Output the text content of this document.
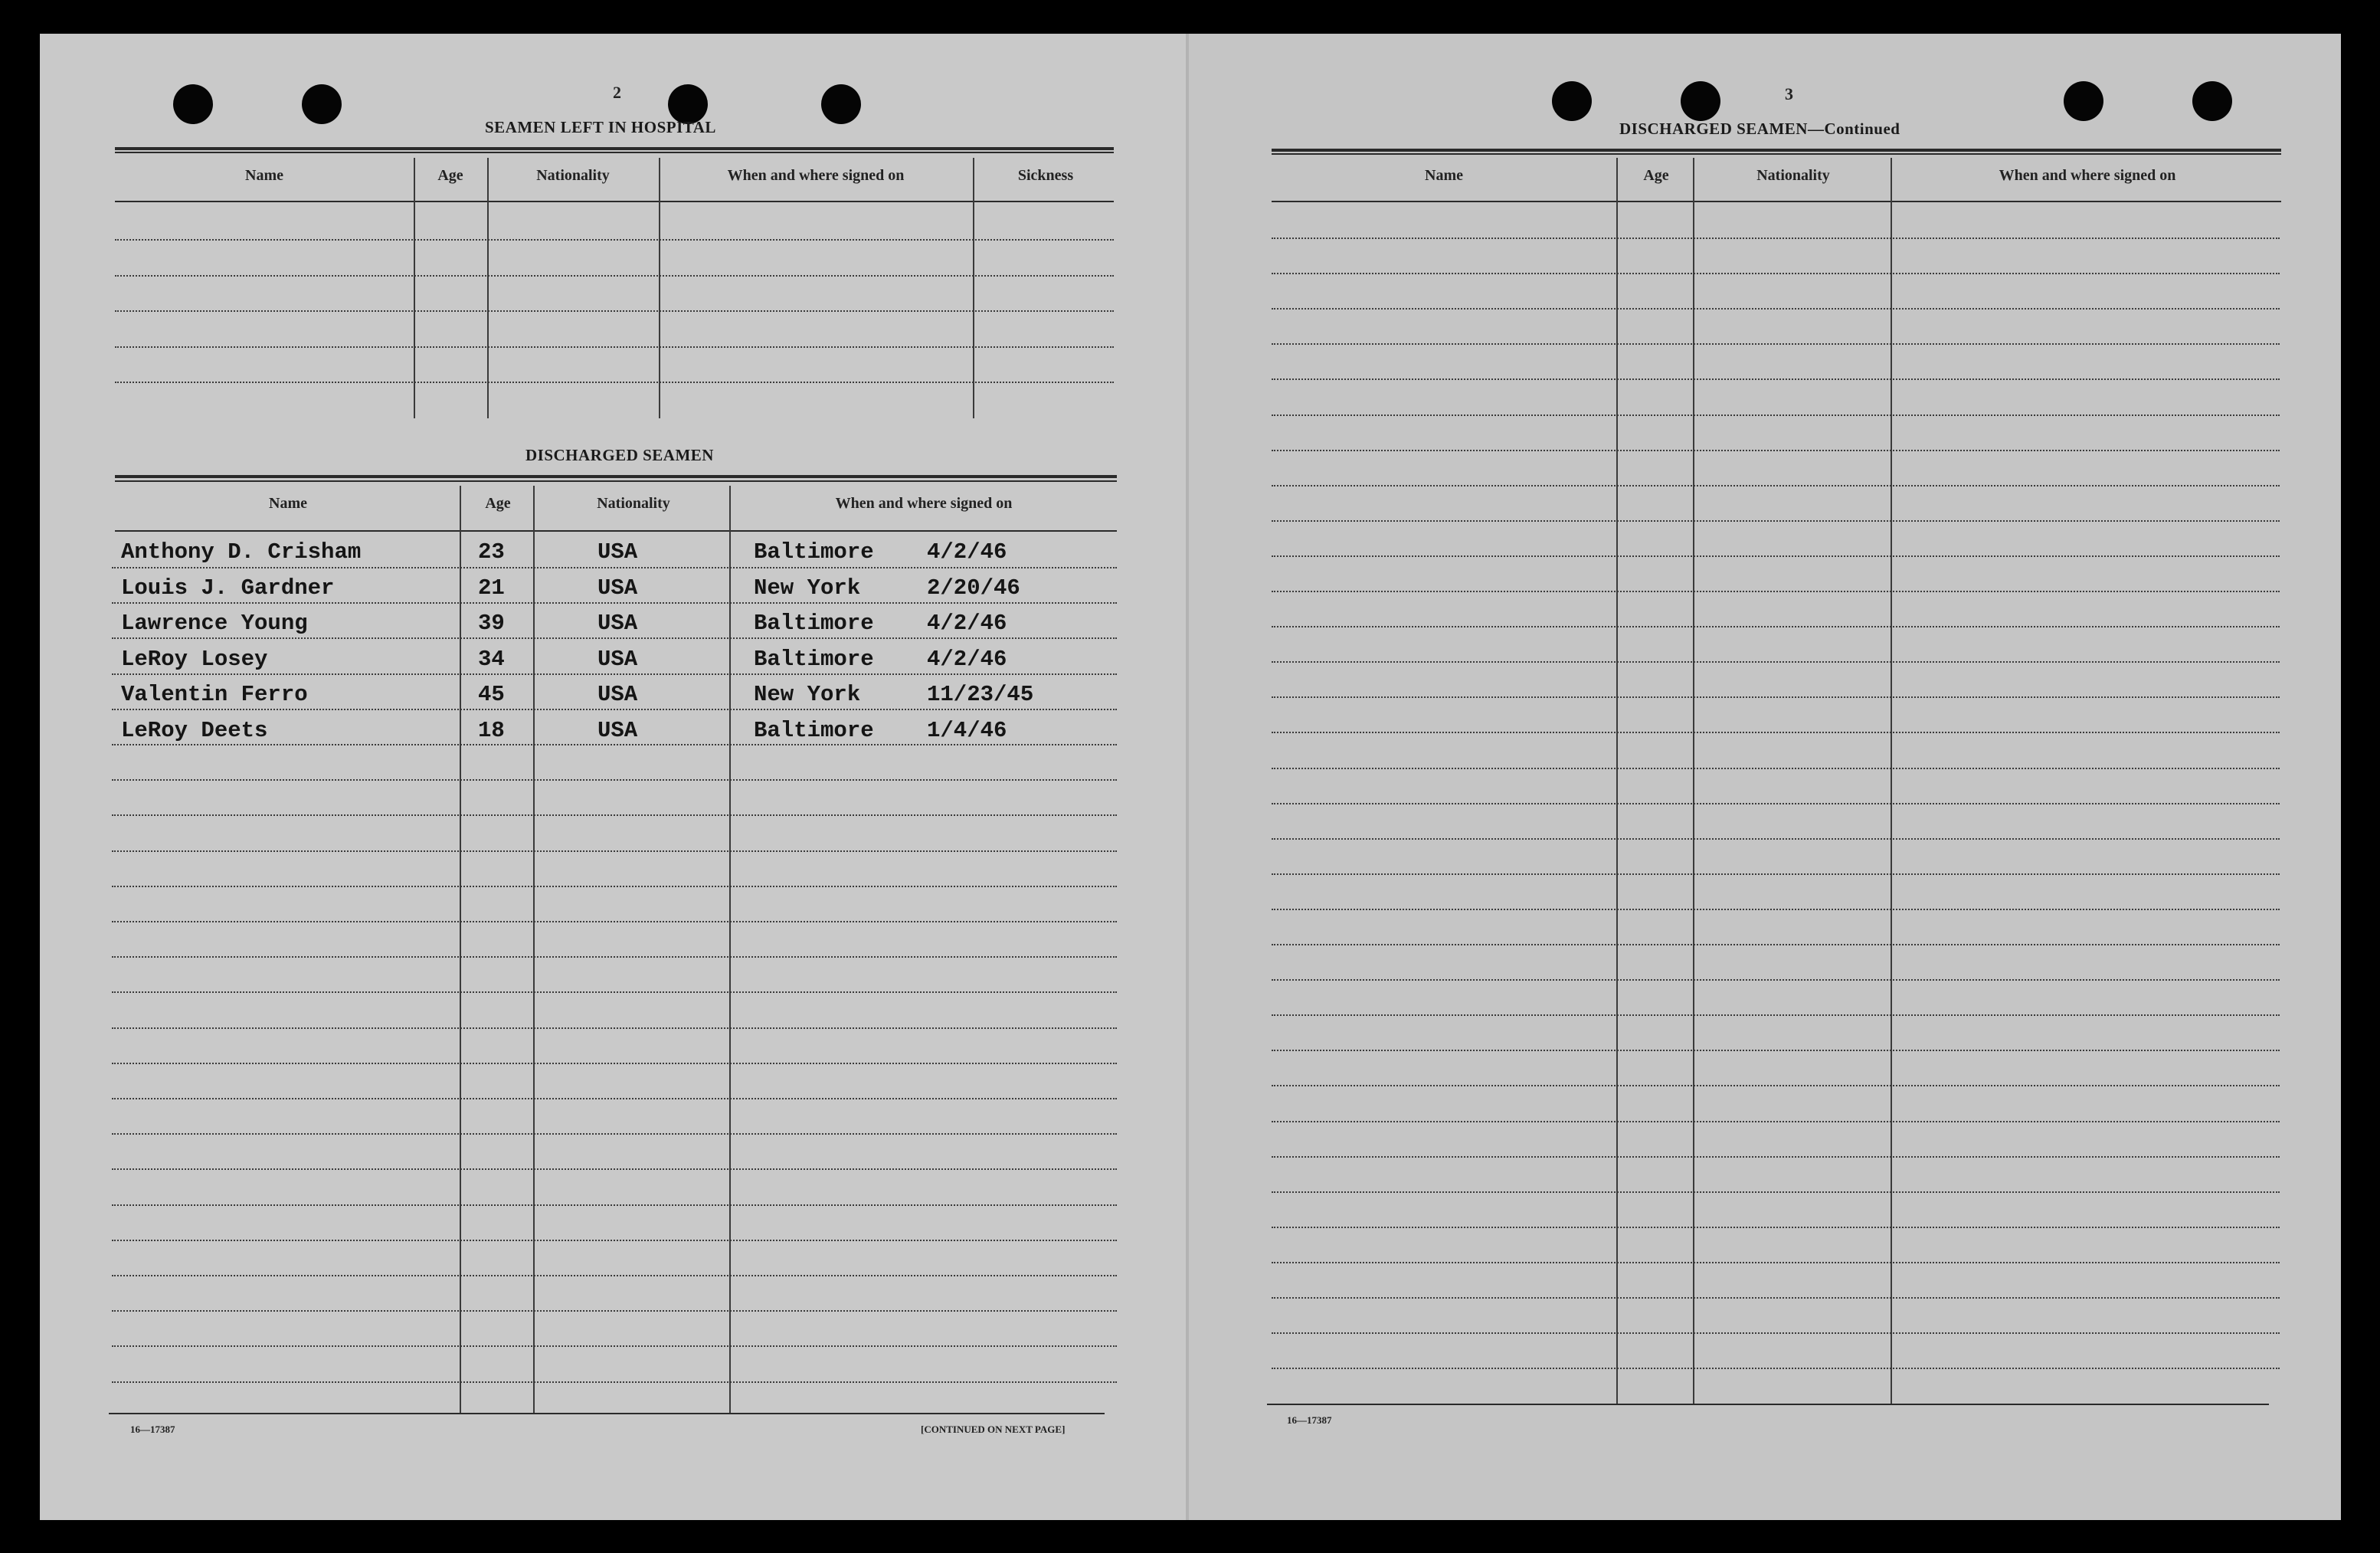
2
SEAMEN LEFT IN HOSPITAL
Name	Age	Nationality	When and where signed on	Sickness
DISCHARGED SEAMEN
Name	Age	Nationality	When and where signed on
Anthony D. Crisham	23	USA	Baltimore 4/2/46
Louis J. Gardner	21	USA	New York	2/20/46
Lawrence Young	39	USA	Baltimore 4/2/46
LeRoy Losey	34	USA	Baltimore 4/2/46
Valentin Ferro	45	USA	New York	11/23/45
LeRoy Deets	18	USA	Baltimore 1/4/46
16—17387	[CONTINUED ON NEXT PAGE]
3
DISCHARGED SEAMEN—Continued
Name	Age	Nationality	When and where signed on
16—17387
